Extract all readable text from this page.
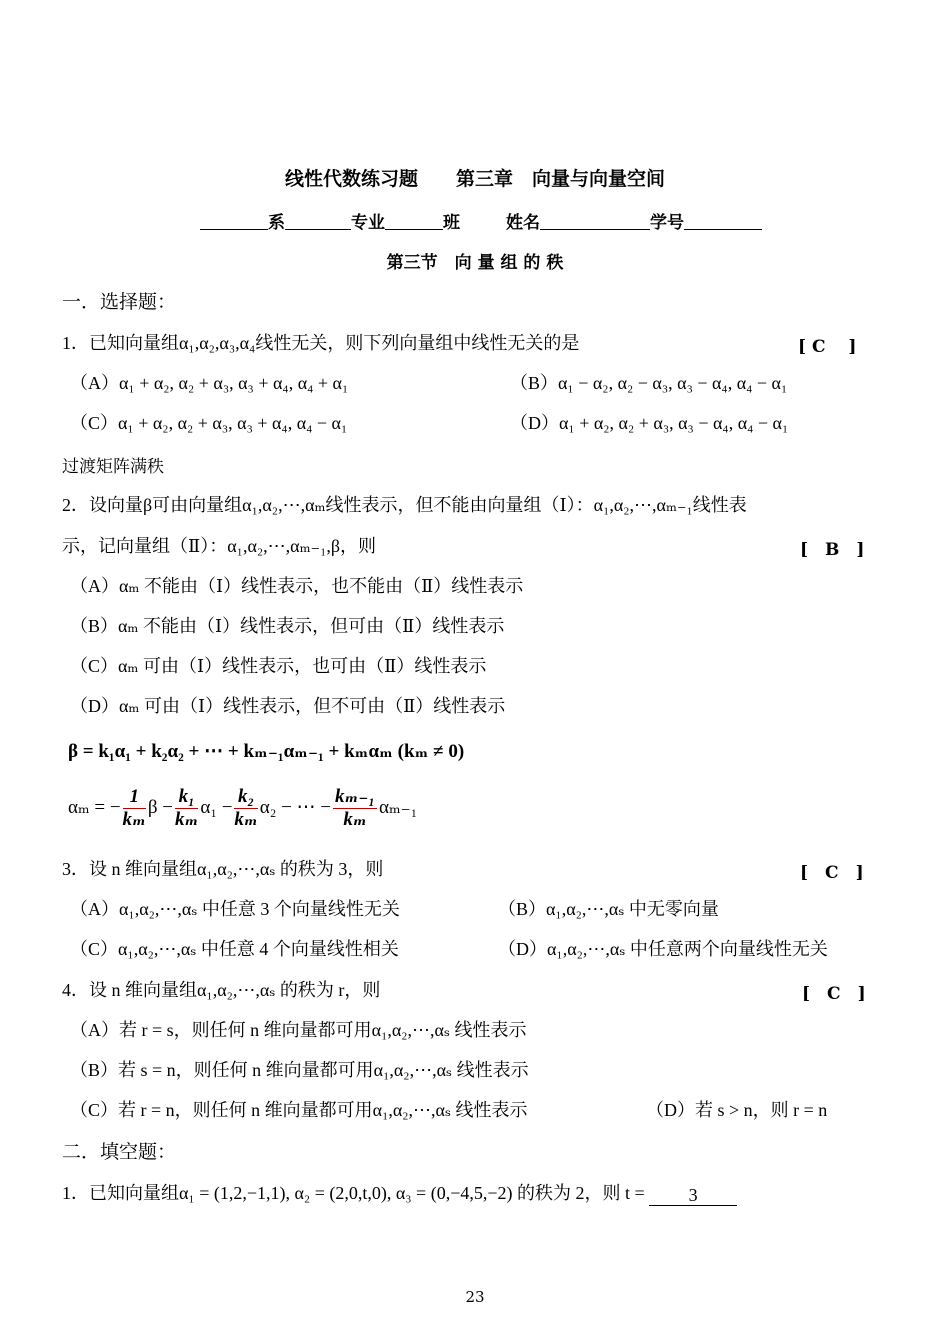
线性代数练习题　　第三章　向量与向量空间
系	专业	班	姓名	学号
第三节　向 量 组 的 秩
一．选择题：
1．已知向量组α₁,α₂,α₃,α₄线性无关，则下列向量组中线性无关的是	[ C　 ]
（A）α₁ + α₂, α₂ + α₃, α₃ + α₄, α₄ + α₁	（B）α₁ − α₂, α₂ − α₃, α₃ − α₄, α₄ − α₁
（C）α₁ + α₂, α₂ + α₃, α₃ + α₄, α₄ − α₁	（D）α₁ + α₂, α₂ + α₃, α₃ − α₄, α₄ − α₁
过渡矩阵满秩
2．设向量β可由向量组α₁,α₂,⋯,αₘ线性表示，但不能由向量组（Ⅰ）：α₁,α₂,⋯,αₘ₋₁线性表
示，记向量组（Ⅱ）：α₁,α₂,⋯,αₘ₋₁,β，则	[　B　]
（A）αₘ 不能由（Ⅰ）线性表示，也不能由（Ⅱ）线性表示
（B）αₘ 不能由（Ⅰ）线性表示，但可由（Ⅱ）线性表示
（C）αₘ 可由（Ⅰ）线性表示，也可由（Ⅱ）线性表示
（D）αₘ 可由（Ⅰ）线性表示，但不可由（Ⅱ）线性表示
β = k₁α₁ + k₂α₂ + ⋯ + kₘ₋₁αₘ₋₁ + kₘαₘ (kₘ ≠ 0)
αₘ = − $\frac{1}{\text{kₘ}}$ $\beta - \frac{\text{k₁}}{\text{kₘ}} \alpha_1 - \frac{\text{k₂}}{\text{kₘ}} \alpha_2$ − ⋯ − $\frac{\text{kₘ₋₁}}{\text{kₘ}} \alpha_{m-1}$
3．设 n 维向量组α₁,α₂,⋯,αₛ 的秩为 3，则	[　C　]
（A）α₁,α₂,⋯,αₛ 中任意 3 个向量线性无关	（B）α₁,α₂,⋯,αₛ 中无零向量
（C）α₁,α₂,⋯,αₛ 中任意 4 个向量线性相关	（D）α₁,α₂,⋯,αₛ 中任意两个向量线性无关
4．设 n 维向量组α₁,α₂,⋯,αₛ 的秩为 r，则	[　C　]
（A）若 r = s，则任何 n 维向量都可用α₁,α₂,⋯,αₛ 线性表示
（B）若 s = n，则任何 n 维向量都可用α₁,α₂,⋯,αₛ 线性表示
（C）若 r = n，则任何 n 维向量都可用α₁,α₂,⋯,αₛ 线性表示	（D）若 s > n，则 r = n
二．填空题：
1．已知向量组α₁ = (1,2,−1,1), α₂ = (2,0,t,0), α₃ = (0,−4,5,−2) 的秩为 2，则 t = 3
23
